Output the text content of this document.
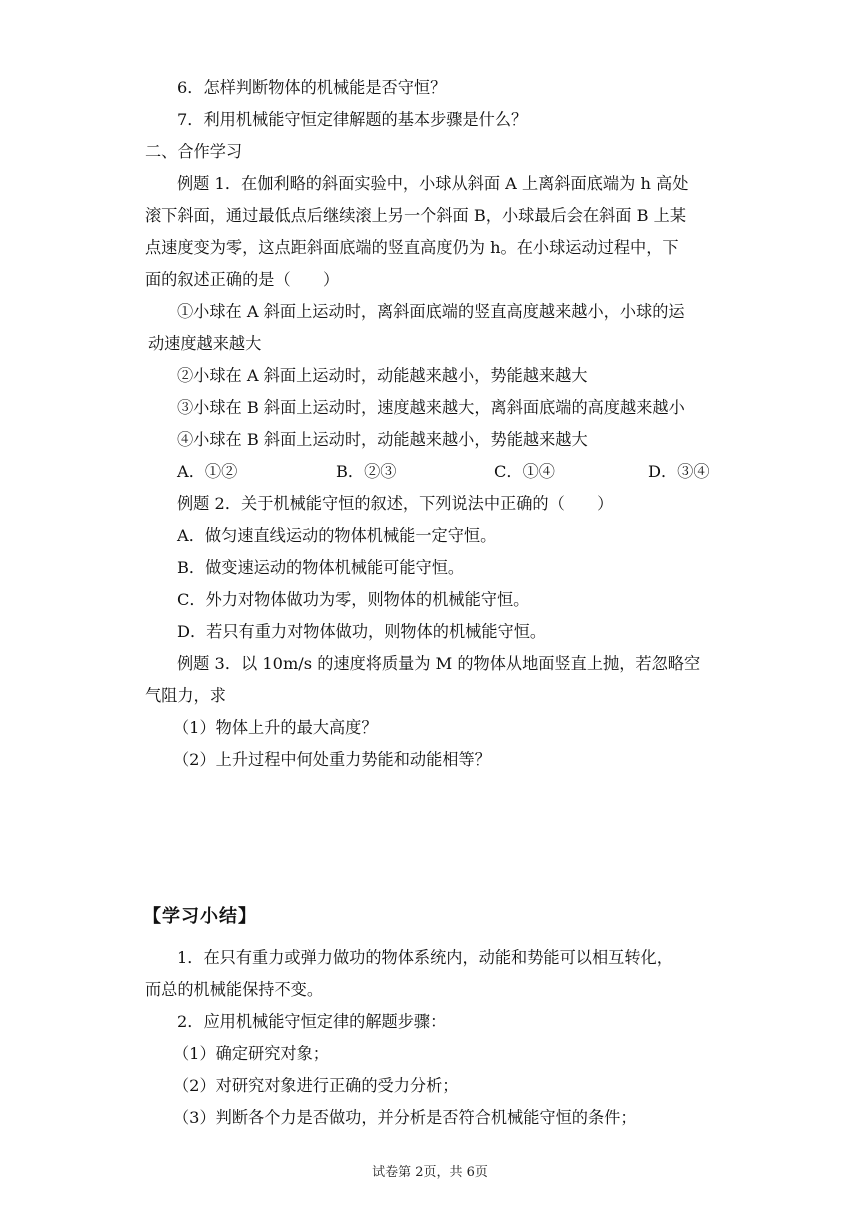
6．怎样判断物体的机械能是否守恒？
7．利用机械能守恒定律解题的基本步骤是什么？
二、合作学习
例题 1．在伽利略的斜面实验中，小球从斜面 A 上离斜面底端为 h 高处
滚下斜面，通过最低点后继续滚上另一个斜面 B，小球最后会在斜面 B 上某
点速度变为零，这点距斜面底端的竖直高度仍为 h。在小球运动过程中，下
面的叙述正确的是（　　）
①小球在 A 斜面上运动时，离斜面底端的竖直高度越来越小，小球的运
动速度越来越大
②小球在 A 斜面上运动时，动能越来越小，势能越来越大
③小球在 B 斜面上运动时，速度越来越大，离斜面底端的高度越来越小
④小球在 B 斜面上运动时，动能越来越小，势能越来越大
A．①②	B．②③	C．①④	D．③④
例题 2．关于机械能守恒的叙述，下列说法中正确的（　　）
A．做匀速直线运动的物体机械能一定守恒。
B．做变速运动的物体机械能可能守恒。
C．外力对物体做功为零，则物体的机械能守恒。
D．若只有重力对物体做功，则物体的机械能守恒。
例题 3．以 10m/s 的速度将质量为 M 的物体从地面竖直上抛，若忽略空
气阻力，求
（1）物体上升的最大高度？
（2）上升过程中何处重力势能和动能相等？
【学习小结】
1．在只有重力或弹力做功的物体系统内，动能和势能可以相互转化，
而总的机械能保持不变。
2．应用机械能守恒定律的解题步骤：
（1）确定研究对象；
（2）对研究对象进行正确的受力分析；
（3）判断各个力是否做功，并分析是否符合机械能守恒的条件；
试卷第 2页，共 6页
